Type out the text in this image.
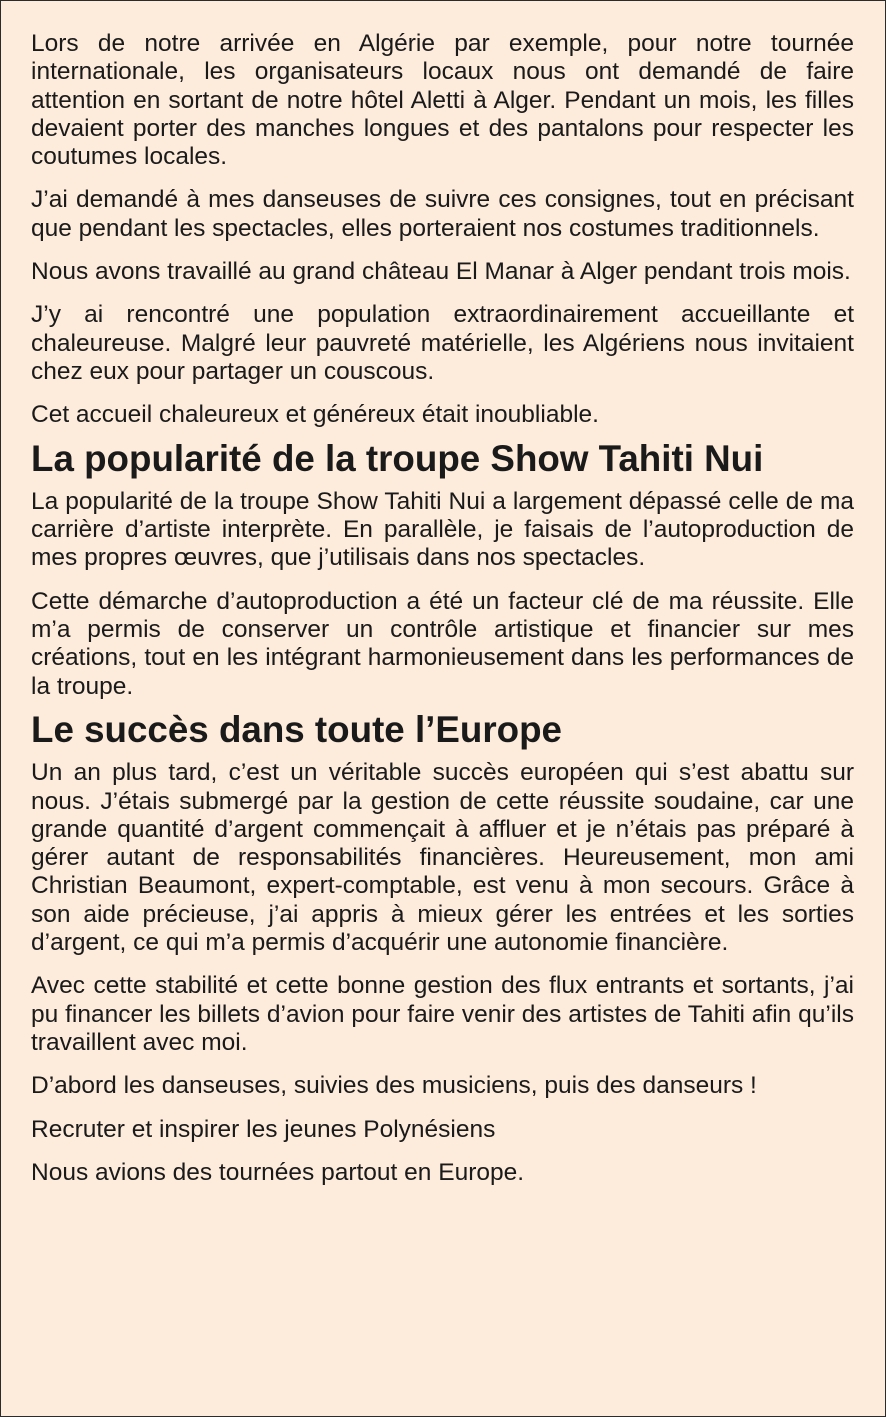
Lors de notre arrivée en Algérie par exemple, pour notre tournée internationale, les organisateurs locaux nous ont demandé de faire attention en sortant de notre hôtel Aletti à Alger. Pendant un mois, les filles devaient porter des manches longues et des pantalons pour respecter les coutumes locales.

J’ai demandé à mes danseuses de suivre ces consignes, tout en précisant que pendant les spectacles, elles porteraient nos costumes traditionnels.

Nous avons travaillé au grand château El Manar à Alger pendant trois mois.

J’y ai rencontré une population extraordinairement accueillante et chaleureuse. Malgré leur pauvreté matérielle, les Algériens nous invitaient chez eux pour partager un couscous.

Cet accueil chaleureux et généreux était inoubliable.

La popularité de la troupe Show Tahiti Nui

La popularité de la troupe Show Tahiti Nui a largement dépassé celle de ma carrière d’artiste interprète. En parallèle, je faisais de l’autoproduction de mes propres œuvres, que j’utilisais dans nos spectacles.

Cette démarche d’autoproduction a été un facteur clé de ma réussite. Elle m’a permis de conserver un contrôle artistique et financier sur mes créations, tout en les intégrant harmonieusement dans les performances de la troupe.

Le succès dans toute l’Europe

Un an plus tard, c’est un véritable succès européen qui s’est abattu sur nous. J’étais submergé par la gestion de cette réussite soudaine, car une grande quantité d’argent commençait à affluer et je n’étais pas préparé à gérer autant de responsabilités financières. Heureusement, mon ami Christian Beaumont, expert-comptable, est venu à mon secours. Grâce à son aide précieuse, j’ai appris à mieux gérer les entrées et les sorties d’argent, ce qui m’a permis d’acquérir une autonomie financière.

Avec cette stabilité et cette bonne gestion des flux entrants et sortants, j’ai pu financer les billets d’avion pour faire venir des artistes de Tahiti afin qu’ils travaillent avec moi.

D’abord les danseuses, suivies des musiciens, puis des danseurs !

Recruter et inspirer les jeunes Polynésiens

Nous avions des tournées partout en Europe.
